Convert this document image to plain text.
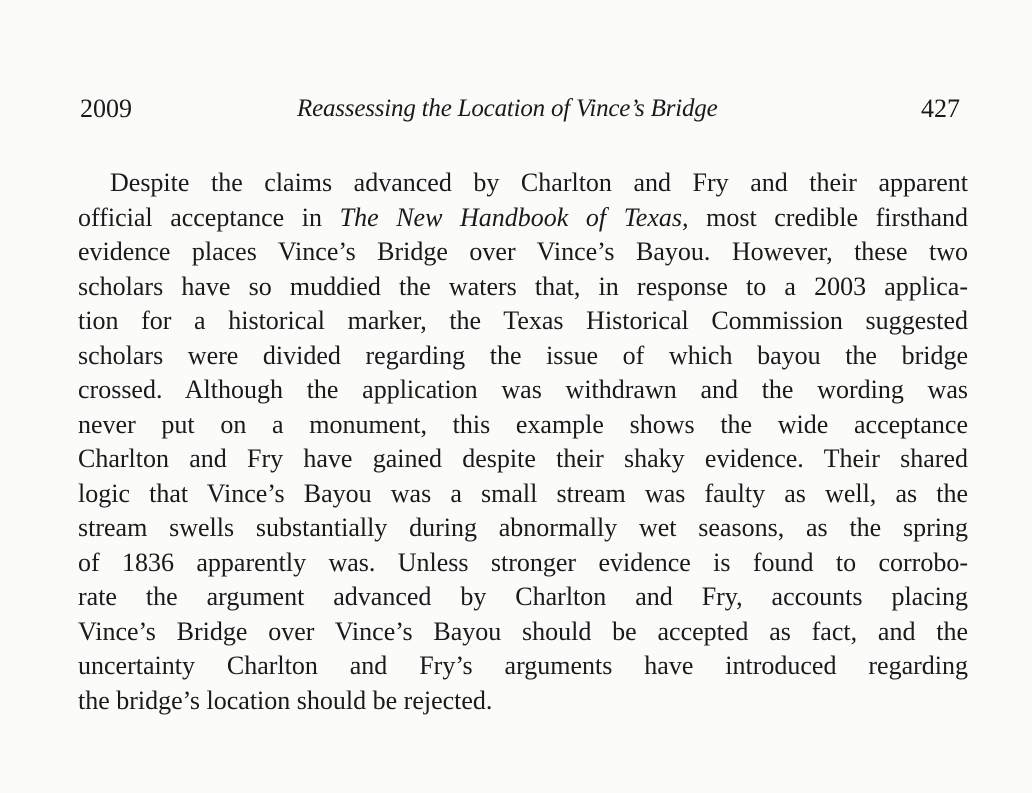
2009	Reassessing the Location of Vince’s Bridge	427
Despite the claims advanced by Charlton and Fry and their apparent
official acceptance in The New Handbook of Texas, most credible firsthand
evidence places Vince’s Bridge over Vince’s Bayou. However, these two
scholars have so muddied the waters that, in response to a 2003 applica-
tion for a historical marker, the Texas Historical Commission suggested
scholars were divided regarding the issue of which bayou the bridge
crossed. Although the application was withdrawn and the wording was
never put on a monument, this example shows the wide acceptance
Charlton and Fry have gained despite their shaky evidence. Their shared
logic that Vince’s Bayou was a small stream was faulty as well, as the
stream swells substantially during abnormally wet seasons, as the spring
of 1836 apparently was. Unless stronger evidence is found to corrobo-
rate the argument advanced by Charlton and Fry, accounts placing
Vince’s Bridge over Vince’s Bayou should be accepted as fact, and the
uncertainty Charlton and Fry’s arguments have introduced regarding
the bridge’s location should be rejected.
